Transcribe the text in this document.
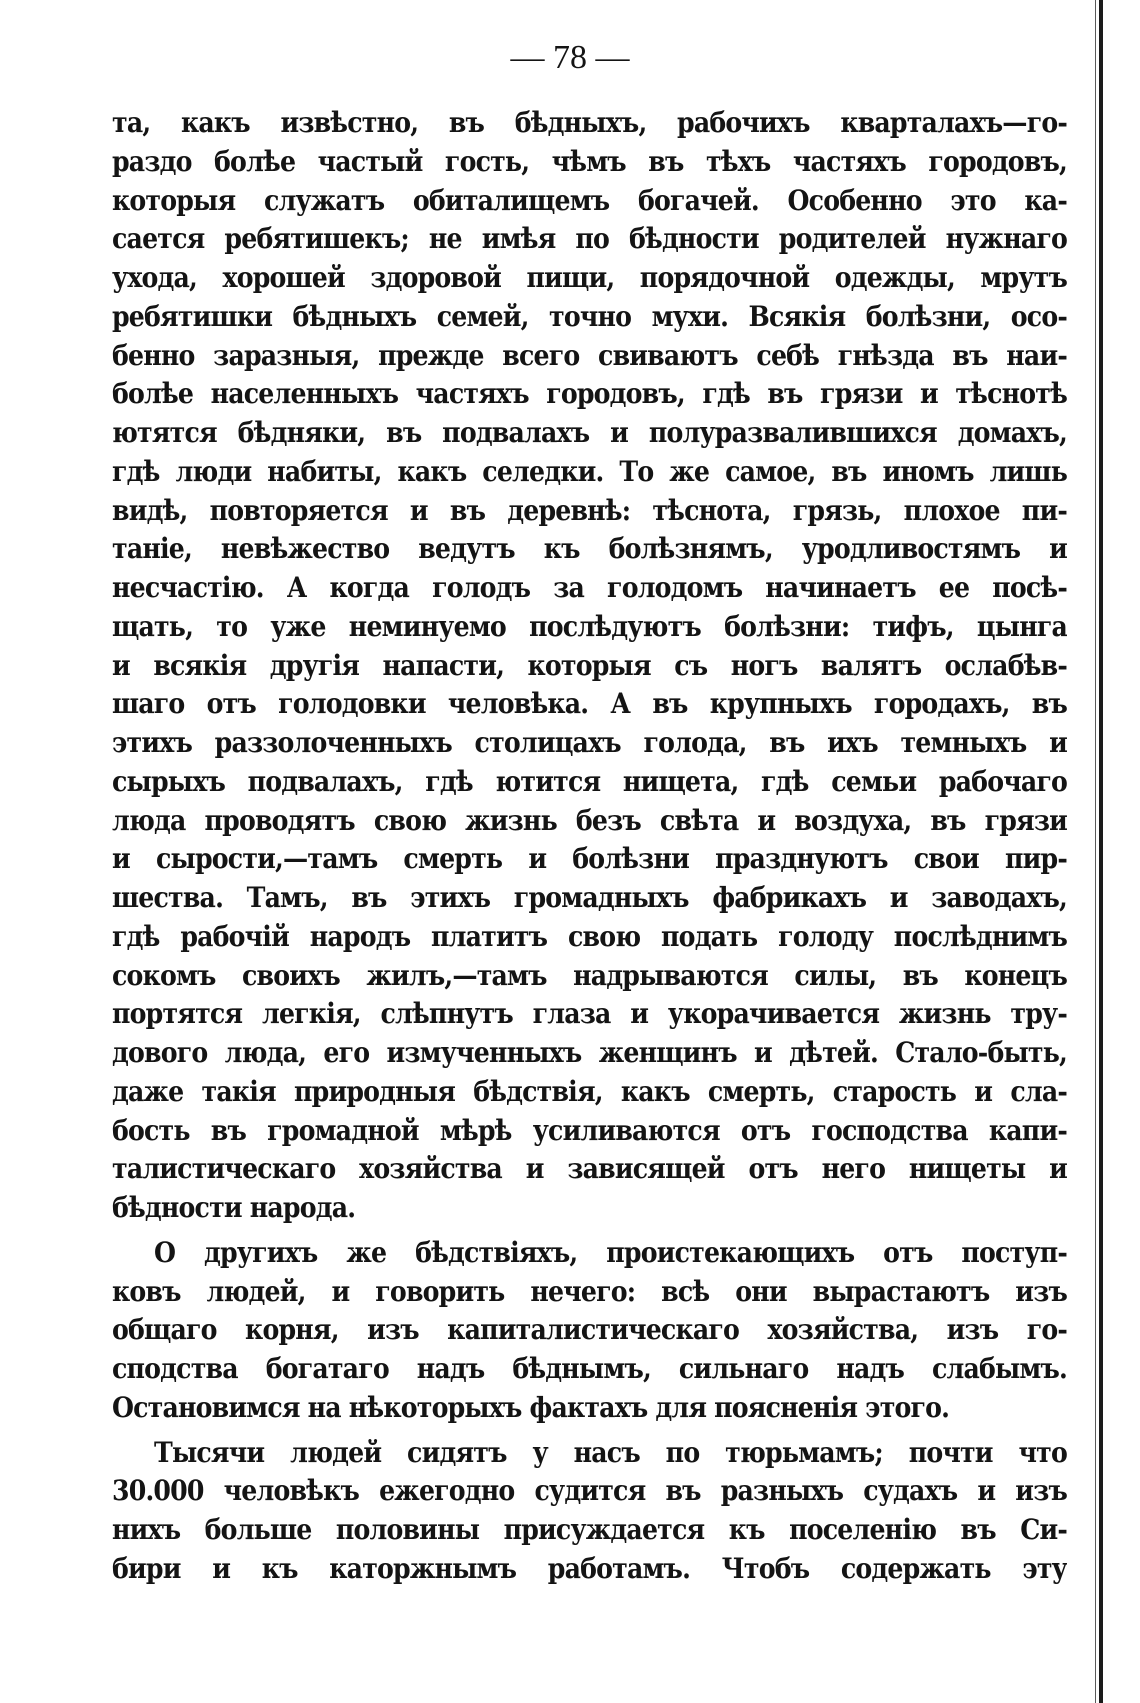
— 78 —
та, какъ извѣстно, въ бѣдныхъ, рабочихъ кварталахъ—го-
раздо болѣе частый гость, чѣмъ въ тѣхъ частяхъ городовъ,
которыя служатъ обиталищемъ богачей. Особенно это ка-
сается ребятишекъ; не имѣя по бѣдности родителей нужнаго
ухода, хорошей здоровой пищи, порядочной одежды, мрутъ
ребятишки бѣдныхъ семей, точно мухи. Всякія болѣзни, осо-
бенно заразныя, прежде всего свиваютъ себѣ гнѣзда въ наи-
болѣе населенныхъ частяхъ городовъ, гдѣ въ грязи и тѣснотѣ
ютятся бѣдняки, въ подвалахъ и полуразвалившихся домахъ,
гдѣ люди набиты, какъ селедки. То же самое, въ иномъ лишь
видѣ, повторяется и въ деревнѣ: тѣснота, грязь, плохое пи-
таніе, невѣжество ведутъ къ болѣзнямъ, уродливостямъ и
несчастію. А когда голодъ за голодомъ начинаетъ ее посѣ-
щать, то уже неминуемо послѣдуютъ болѣзни: тифъ, цынга
и всякія другія напасти, которыя съ ногъ валятъ ослабѣв-
шаго отъ голодовки человѣка. А въ крупныхъ городахъ, въ
этихъ раззолоченныхъ столицахъ голода, въ ихъ темныхъ и
сырыхъ подвалахъ, гдѣ ютится нищета, гдѣ семьи рабочаго
люда проводятъ свою жизнь безъ свѣта и воздуха, въ грязи
и сырости,—тамъ смерть и болѣзни празднуютъ свои пир-
шества. Тамъ, въ этихъ громадныхъ фабрикахъ и заводахъ,
гдѣ рабочій народъ платитъ свою подать голоду послѣднимъ
сокомъ своихъ жилъ,—тамъ надрываются силы, въ конецъ
портятся легкія, слѣпнутъ глаза и укорачивается жизнь тру-
дового люда, его измученныхъ женщинъ и дѣтей. Стало-быть,
даже такія природныя бѣдствія, какъ смерть, старость и сла-
бость въ громадной мѣрѣ усиливаются отъ господства капи-
талистическаго хозяйства и зависящей отъ него нищеты и
бѣдности народа.
О другихъ же бѣдствіяхъ, проистекающихъ отъ поступ-
ковъ людей, и говорить нечего: всѣ они вырастаютъ изъ
общаго корня, изъ капиталистическаго хозяйства, изъ го-
сподства богатаго надъ бѣднымъ, сильнаго надъ слабымъ.
Остановимся на нѣкоторыхъ фактахъ для поясненія этого.
Тысячи людей сидятъ у насъ по тюрьмамъ; почти что
30.000 человѣкъ ежегодно судится въ разныхъ судахъ и изъ
нихъ больше половины присуждается къ поселенію въ Си-
бири и къ каторжнымъ работамъ. Чтобъ содержать эту
